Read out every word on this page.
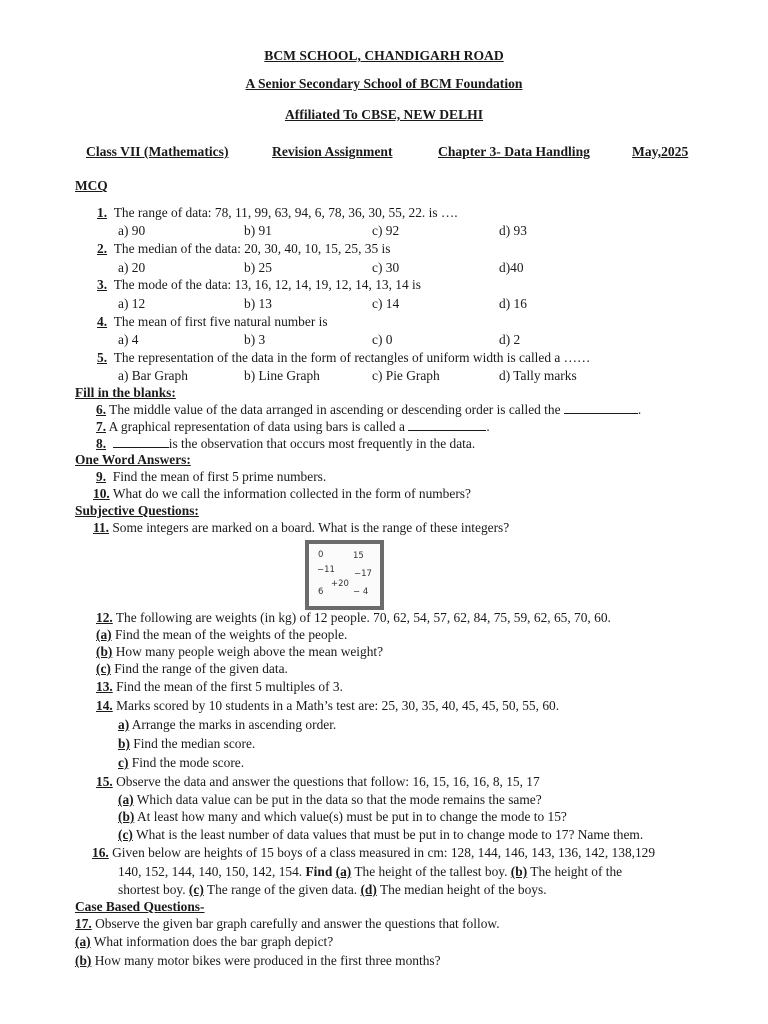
BCM SCHOOL, CHANDIGARH ROAD
A Senior Secondary School of BCM Foundation
Affiliated To CBSE, NEW DELHI
Class VII (Mathematics)	Revision Assignment	Chapter 3- Data Handling	May,2025
MCQ
1. The range of data: 78, 11, 99, 63, 94, 6, 78, 36, 30, 55, 22. is ….
a) 90	b) 91	c) 92	d) 93
2. The median of the data: 20, 30, 40, 10, 15, 25, 35 is
a) 20	b) 25	c) 30	d)40
3. The mode of the data: 13, 16, 12, 14, 19, 12, 14, 13, 14 is
a) 12	b) 13	c) 14	d) 16
4. The mean of first five natural number is
a) 4	b) 3	c) 0	d) 2
5. The representation of the data in the form of rectangles of uniform width is called a ……
a) Bar Graph	b) Line Graph	c) Pie Graph	d) Tally marks
Fill in the blanks:
6. The middle value of the data arranged in ascending or descending order is called the	.
7. A graphical representation of data using bars is called a	.
8.	is the observation that occurs most frequently in the data.
One Word Answers:
9. Find the mean of first 5 prime numbers.
10. What do we call the information collected in the form of numbers?
Subjective Questions:
11. Some integers are marked on a board. What is the range of these integers?
0	15
−11 −17
+20
6	− 4
12. The following are weights (in kg) of 12 people. 70, 62, 54, 57, 62, 84, 75, 59, 62, 65, 70, 60.
(a) Find the mean of the weights of the people.
(b) How many people weigh above the mean weight?
(c) Find the range of the given data.
13. Find the mean of the first 5 multiples of 3.
14. Marks scored by 10 students in a Math’s test are: 25, 30, 35, 40, 45, 45, 50, 55, 60.
a) Arrange the marks in ascending order.
b) Find the median score.
c) Find the mode score.
15. Observe the data and answer the questions that follow: 16, 15, 16, 16, 8, 15, 17
(a) Which data value can be put in the data so that the mode remains the same?
(b) At least how many and which value(s) must be put in to change the mode to 15?
(c) What is the least number of data values that must be put in to change mode to 17? Name them.
16. Given below are heights of 15 boys of a class measured in cm: 128, 144, 146, 143, 136, 142, 138,129
140, 152, 144, 140, 150, 142, 154. Find (a) The height of the tallest boy. (b) The height of the
shortest boy. (c) The range of the given data. (d) The median height of the boys.
Case Based Questions-
17. Observe the given bar graph carefully and answer the questions that follow.
(a) What information does the bar graph depict?
(b) How many motor bikes were produced in the first three months?
